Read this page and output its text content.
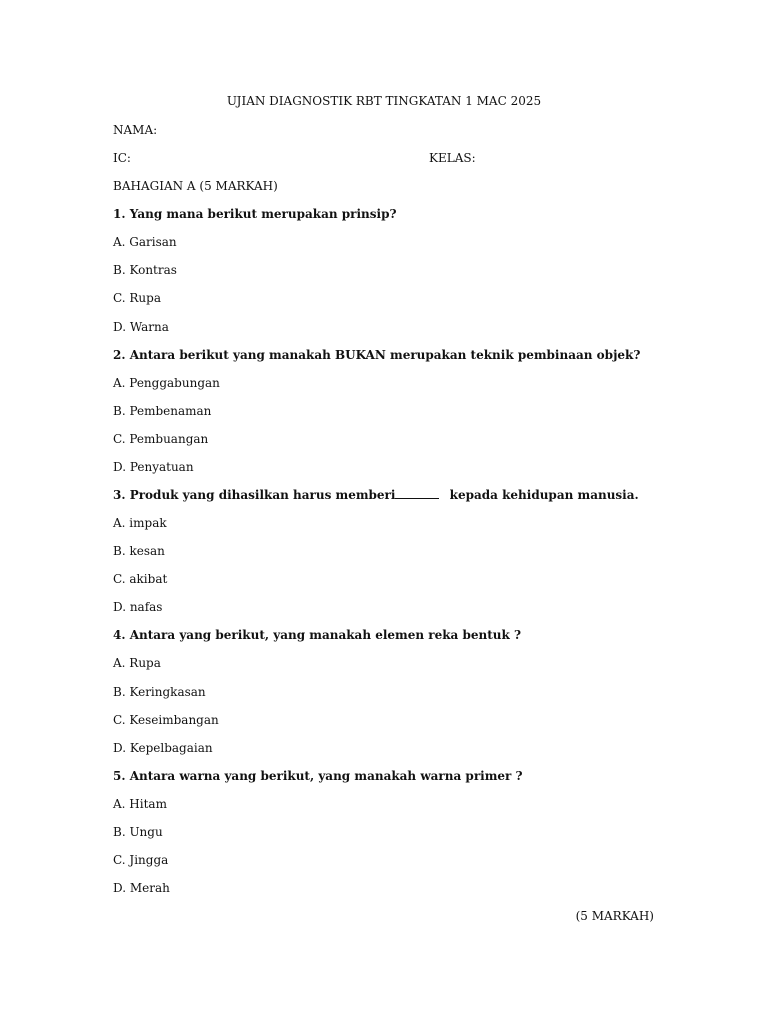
UJIAN DIAGNOSTIK RBT TINGKATAN 1 MAC 2025
NAMA:
IC:	KELAS:
BAHAGIAN A (5 MARKAH)
1. Yang mana berikut merupakan prinsip?
A. Garisan
B. Kontras
C. Rupa
D. Warna
2. Antara berikut yang manakah BUKAN merupakan teknik pembinaan objek?
A. Penggabungan
B. Pembenaman
C. Pembuangan
D. Penyatuan
3. Produk yang dihasilkan harus memberi	kepada kehidupan manusia.
A. impak
B. kesan
C. akibat
D. nafas
4. Antara yang berikut, yang manakah elemen reka bentuk ?
A. Rupa
B. Keringkasan
C. Keseimbangan
D. Kepelbagaian
5. Antara warna yang berikut, yang manakah warna primer ?
A. Hitam
B. Ungu
C. Jingga
D. Merah
(5 MARKAH)
